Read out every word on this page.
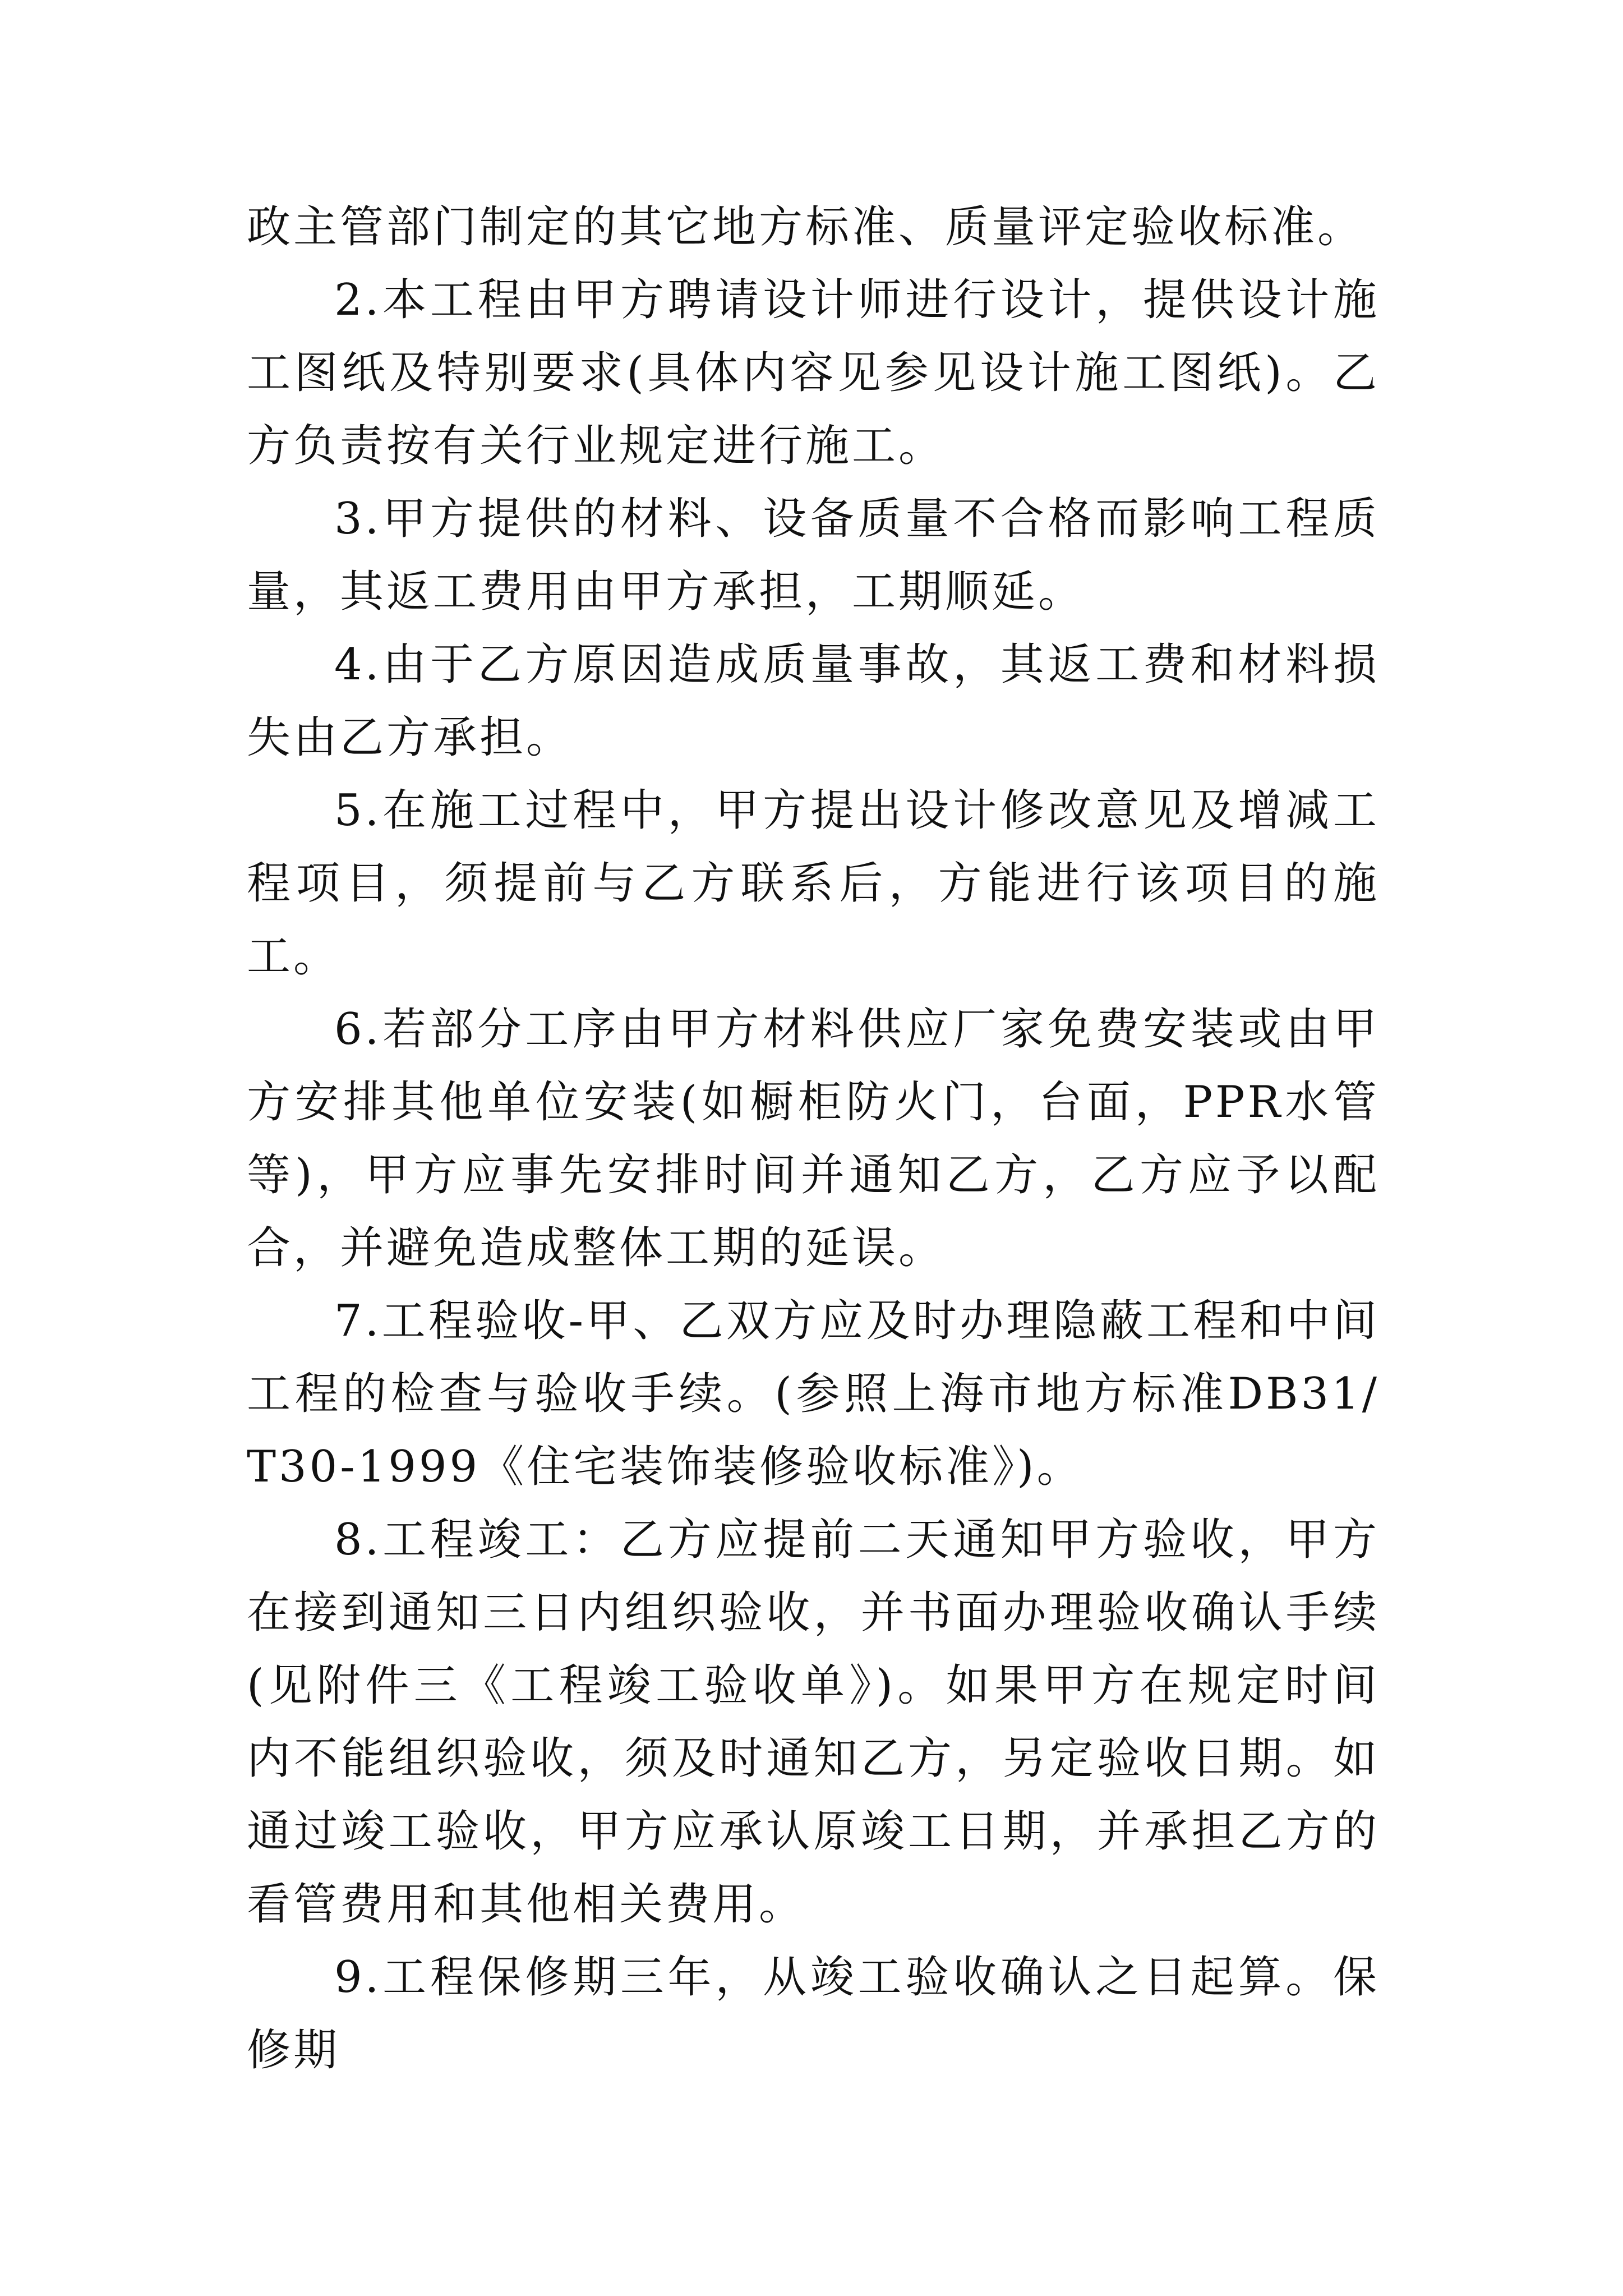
政主管部门制定的其它地方标准、质量评定验收标准。

2.本工程由甲方聘请设计师进行设计，提供设计施工图纸及特别要求(具体内容见参见设计施工图纸)。乙方负责按有关行业规定进行施工。

3.甲方提供的材料、设备质量不合格而影响工程质量，其返工费用由甲方承担，工期顺延。

4.由于乙方原因造成质量事故，其返工费和材料损失由乙方承担。

5.在施工过程中，甲方提出设计修改意见及增减工程项目，须提前与乙方联系后，方能进行该项目的施工。

6.若部分工序由甲方材料供应厂家免费安装或由甲方安排其他单位安装(如橱柜防火门，台面，PPR水管等)，甲方应事先安排时间并通知乙方，乙方应予以配合，并避免造成整体工期的延误。

7.工程验收-甲、乙双方应及时办理隐蔽工程和中间工程的检查与验收手续。(参照上海市地方标准DB31/T30-1999《住宅装饰装修验收标准》)。

8.工程竣工：乙方应提前二天通知甲方验收，甲方在接到通知三日内组织验收，并书面办理验收确认手续(见附件三《工程竣工验收单》)。如果甲方在规定时间内不能组织验收，须及时通知乙方，另定验收日期。如通过竣工验收，甲方应承认原竣工日期，并承担乙方的看管费用和其他相关费用。

9.工程保修期三年，从竣工验收确认之日起算。保修期
